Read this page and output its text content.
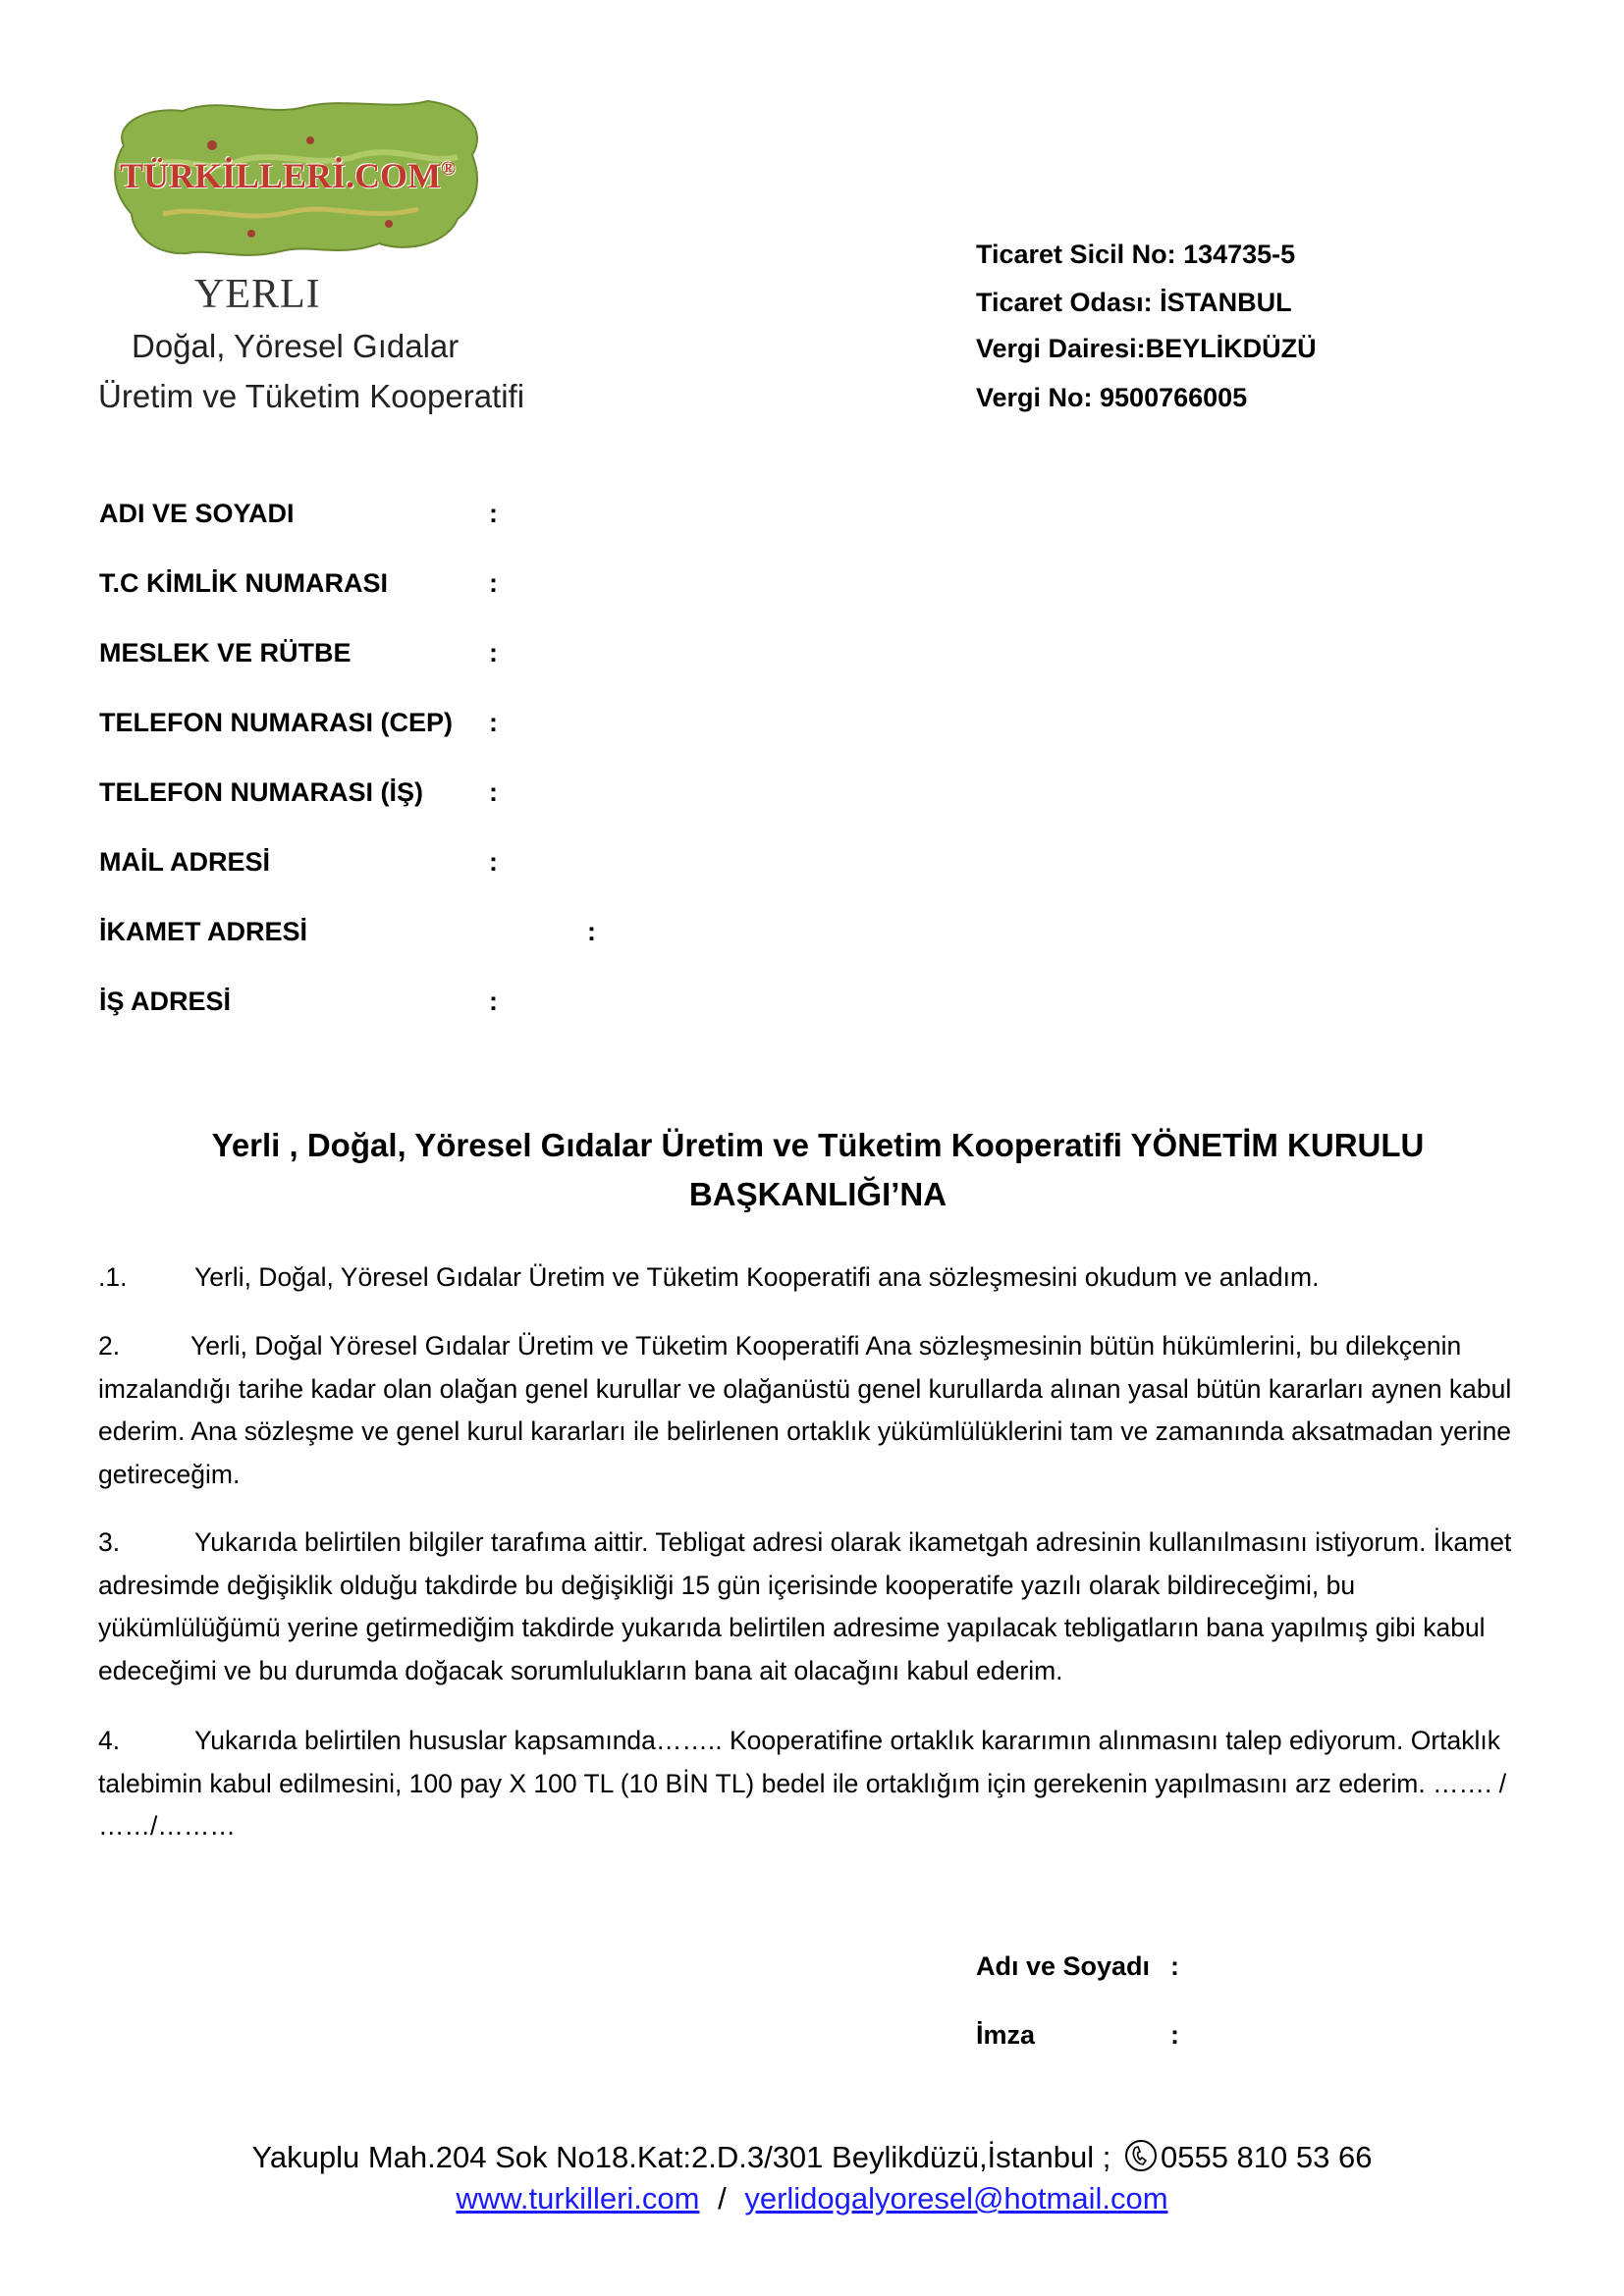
TÜRKİLLERİ.COM®
YERLI
Doğal, Yöresel Gıdalar
Üretim ve Tüketim Kooperatifi
Ticaret Sicil No: 134735-5
Ticaret Odası: İSTANBUL
Vergi Dairesi:BEYLİKDÜZÜ
Vergi No: 9500766005
ADI VE SOYADI	:
T.C KİMLİK NUMARASI	:
MESLEK VE RÜTBE	:
TELEFON NUMARASI (CEP) :
TELEFON NUMARASI (İŞ) :
MAİL ADRESİ	:
İKAMET ADRESİ	:
İŞ ADRESİ	:
Yerli , Doğal, Yöresel Gıdalar Üretim ve Tüketim Kooperatifi YÖNETİM KURULU
BAŞKANLIĞI’NA
.1.	Yerli, Doğal, Yöresel Gıdalar Üretim ve Tüketim Kooperatifi ana sözleşmesini okudum ve anladım.
2.	Yerli, Doğal Yöresel Gıdalar Üretim ve Tüketim Kooperatifi Ana sözleşmesinin bütün hükümlerini, bu dilekçenin imzalandığı tarihe kadar olan olağan genel kurullar ve olağanüstü genel kurullarda alınan yasal bütün kararları aynen kabul ederim. Ana sözleşme ve genel kurul kararları ile belirlenen ortaklık yükümlülüklerini tam ve zamanında aksatmadan yerine getireceğim.
3.	Yukarıda belirtilen bilgiler tarafıma aittir. Tebligat adresi olarak ikametgah adresinin kullanılmasını istiyorum. İkamet adresimde değişiklik olduğu takdirde bu değişikliği 15 gün içerisinde kooperatife yazılı olarak bildireceğimi, bu yükümlülüğümü yerine getirmediğim takdirde yukarıda belirtilen adresime yapılacak tebligatların bana yapılmış gibi kabul edeceğimi ve bu durumda doğacak sorumlulukların bana ait olacağını kabul ederim.
4.	Yukarıda belirtilen hususlar kapsamında…….. Kooperatifine ortaklık kararımın alınmasını talep ediyorum. Ortaklık talebimin kabul edilmesini, 100 pay X 100 TL (10 BİN TL) bedel ile ortaklığım için gerekenin yapılmasını arz ederim. ……. / ……/………
Adı ve Soyadı :
İmza	:
Yakuplu Mah.204 Sok No18.Kat:2.D.3/301 Beylikdüzü,İstanbul ; 0555 810 53 66
www.turkilleri.com / yerlidogalyoresel@hotmail.com
